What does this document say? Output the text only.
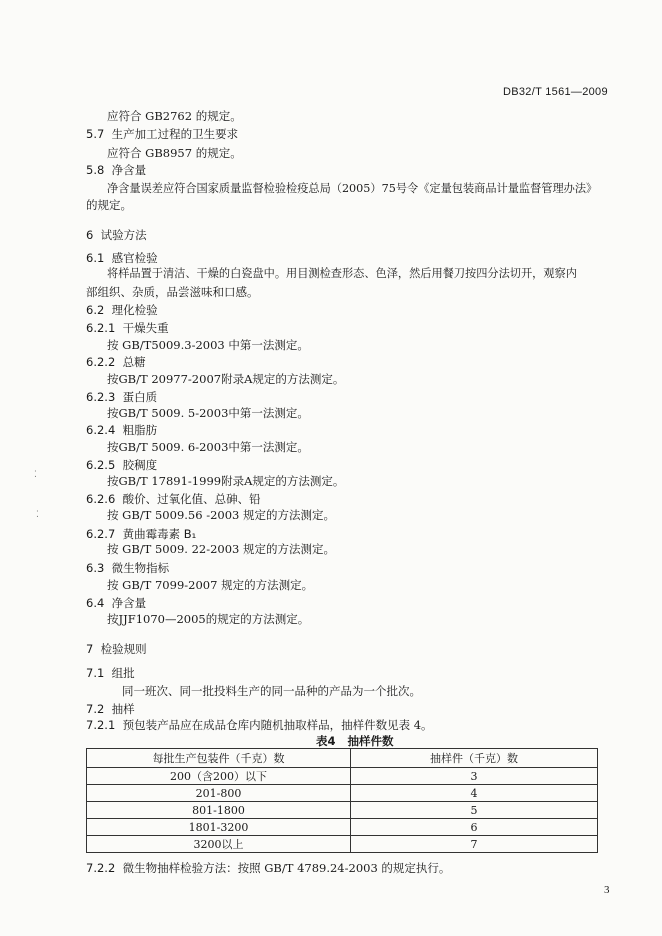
DB32/T 1561—2009
应符合 GB2762 的规定。
5.7 生产加工过程的卫生要求
应符合 GB8957 的规定。
5.8 净含量
净含量误差应符合国家质量监督检验检疫总局（2005）75号令《定量包装商品计量监督管理办法》
的规定。
6 试验方法
6.1 感官检验
将样品置于清洁、干燥的白瓷盘中。用目测检查形态、色泽，然后用餐刀按四分法切开，观察内
部组织、杂质，品尝滋味和口感。
6.2 理化检验
6.2.1 干燥失重
按 GB/T5009.3-2003 中第一法测定。
6.2.2 总糖
按GB/T 20977-2007附录A规定的方法测定。
6.2.3 蛋白质
按GB/T 5009. 5-2003中第一法测定。
6.2.4 粗脂肪
按GB/T 5009. 6-2003中第一法测定。
6.2.5 胶稠度
按GB/T 17891-1999附录A规定的方法测定。
6.2.6 酸价、过氧化值、总砷、铅
按 GB/T 5009.56 -2003 规定的方法测定。
6.2.7 黄曲霉毒素 B₁
按 GB/T 5009. 22-2003 规定的方法测定。
6.3 微生物指标
按 GB/T 7099-2007 规定的方法测定。
6.4 净含量
按JJF1070—2005的规定的方法测定。
7 检验规则
7.1 组批
同一班次、同一批投料生产的同一品种的产品为一个批次。
7.2 抽样
7.2.1 预包装产品应在成品仓库内随机抽取样品，抽样件数见表 4。
表4 抽样件数
每批生产包装件（千克）数	抽样件（千克）数
200（含200）以下	3
201-800	4
801-1800	5
1801-3200	6
3200以上	7
7.2.2 微生物抽样检验方法：按照 GB/T 4789.24-2003 的规定执行。
3
⁚
⁚
